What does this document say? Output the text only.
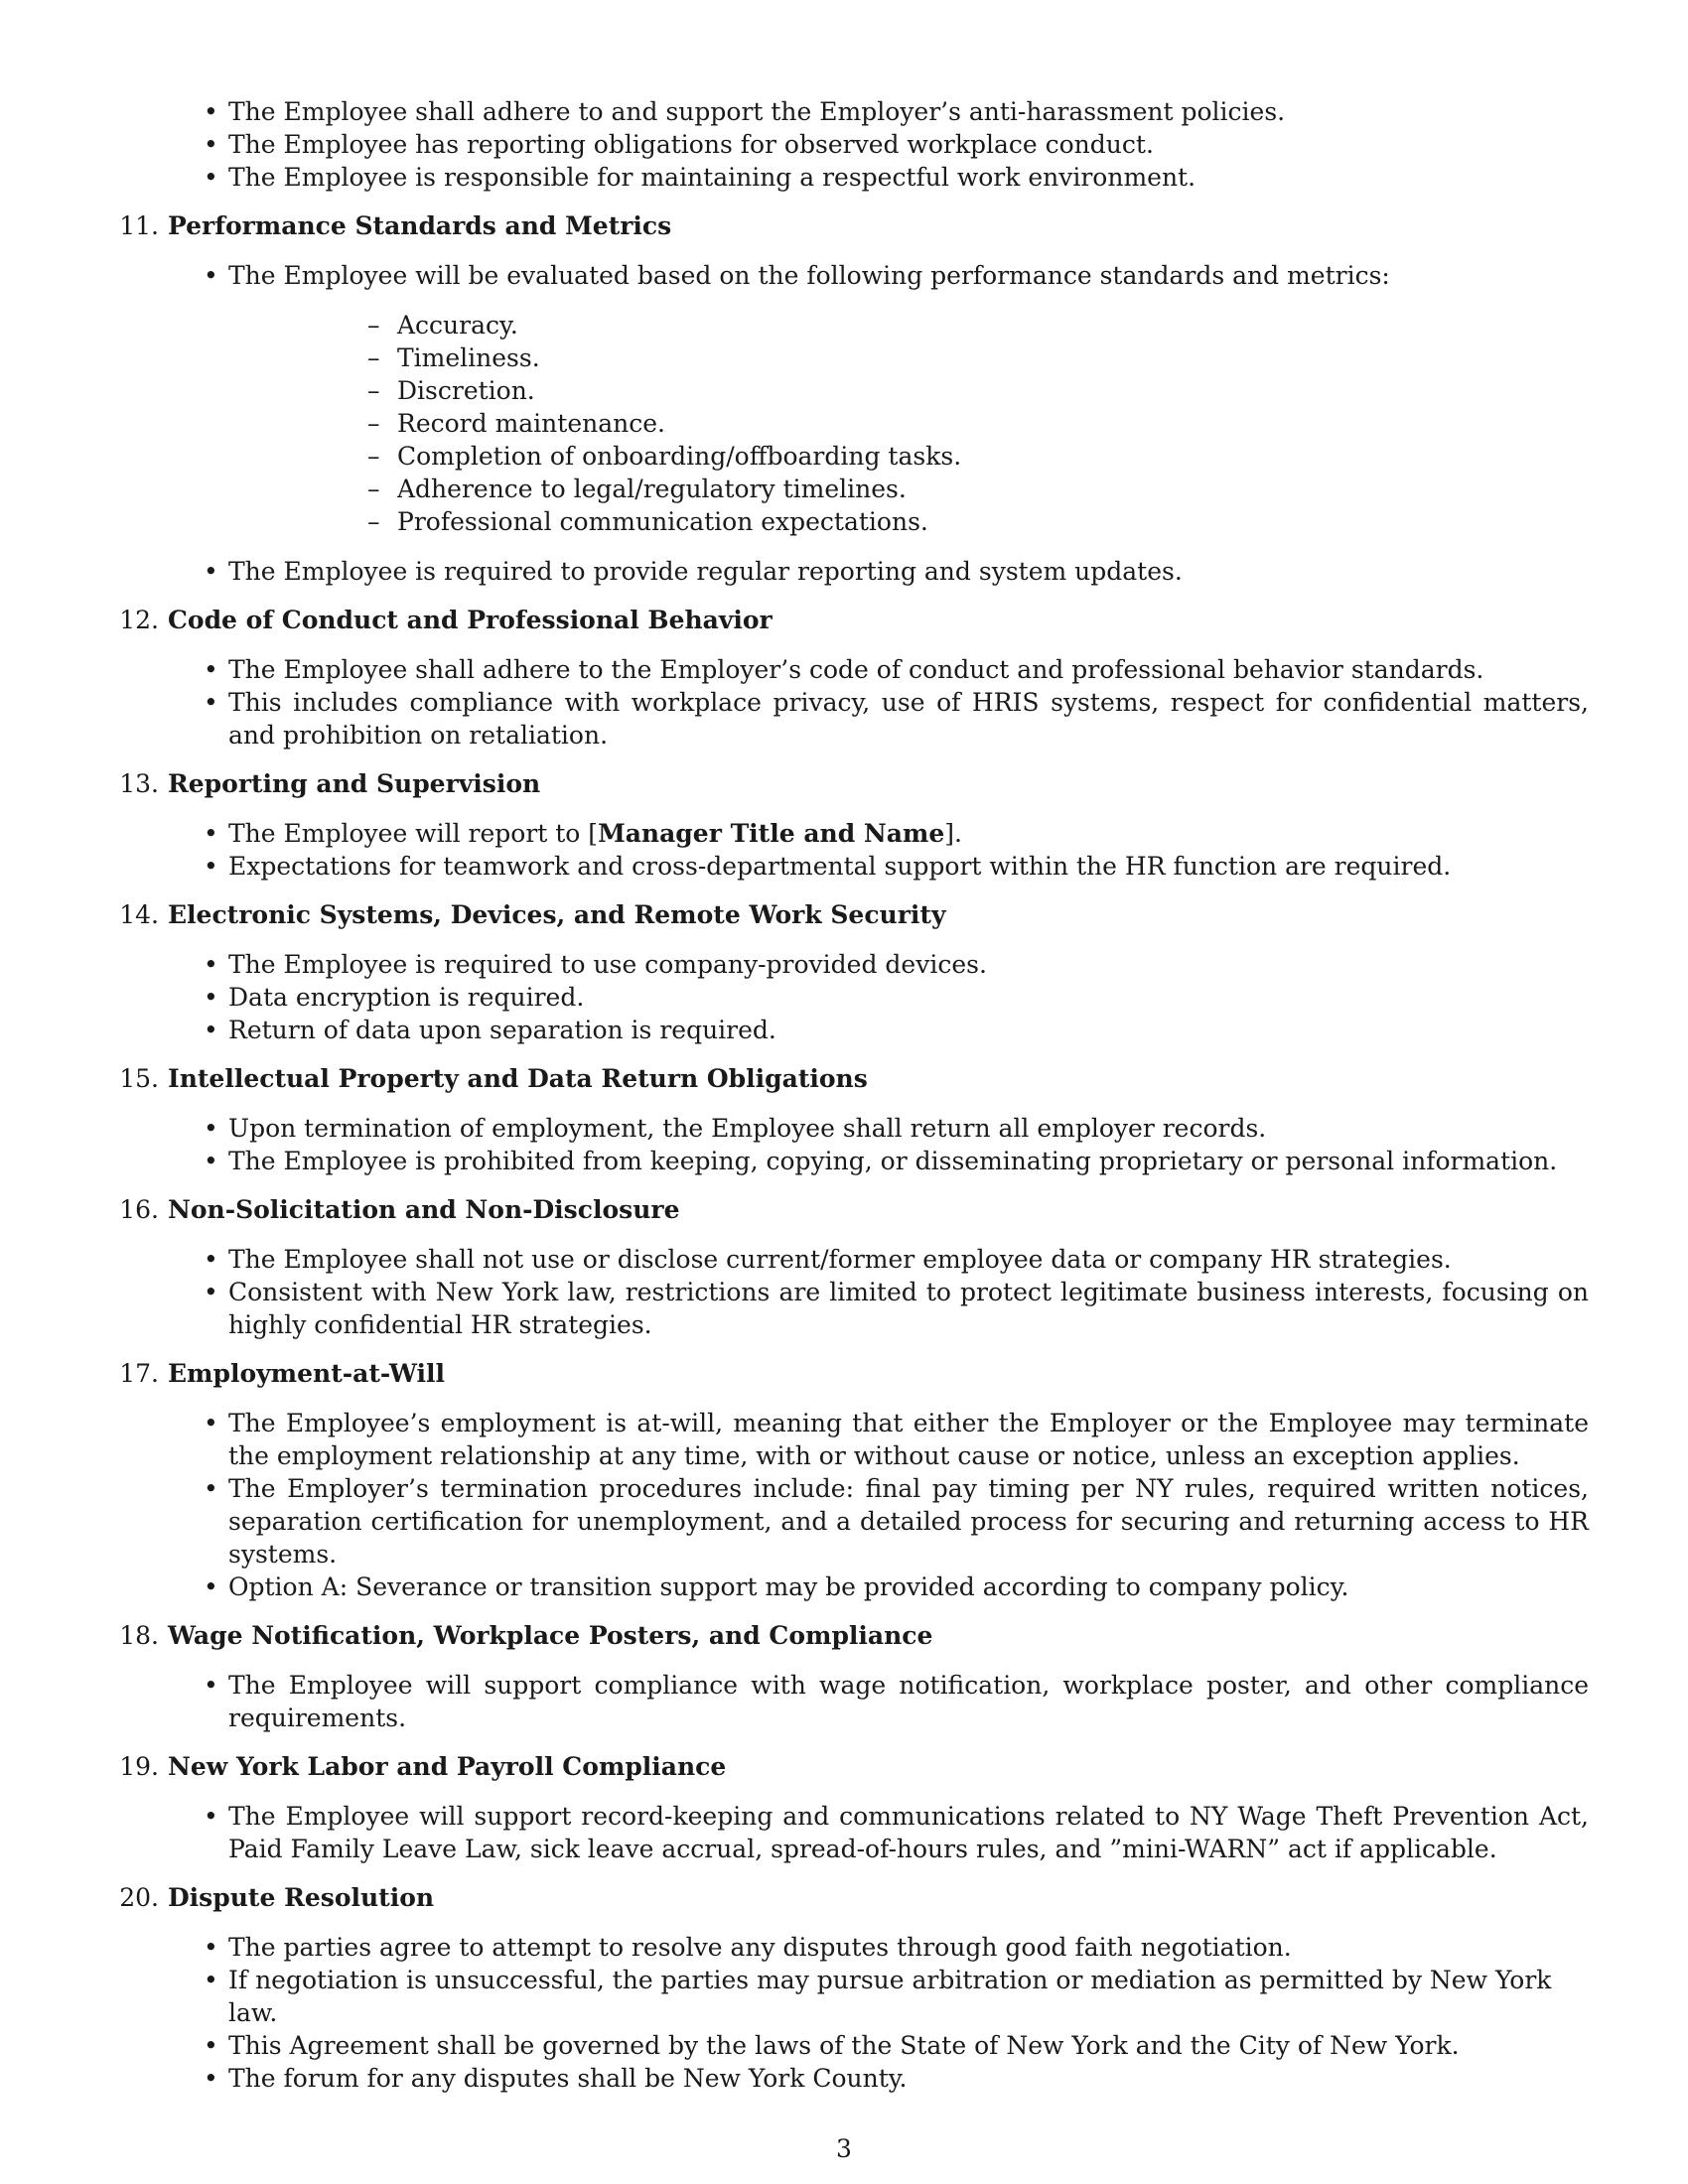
• The Employee shall adhere to and support the Employer’s anti-harassment policies.
• The Employee has reporting obligations for observed workplace conduct.
• The Employee is responsible for maintaining a respectful work environment.
11. Performance Standards and Metrics
• The Employee will be evaluated based on the following performance standards and metrics:
– Accuracy.
– Timeliness.
– Discretion.
– Record maintenance.
– Completion of onboarding/offboarding tasks.
– Adherence to legal/regulatory timelines.
– Professional communication expectations.
• The Employee is required to provide regular reporting and system updates.
12. Code of Conduct and Professional Behavior
• The Employee shall adhere to the Employer’s code of conduct and professional behavior standards.
• This includes compliance with workplace privacy, use of HRIS systems, respect for confidential matters, and prohibition on retaliation.
13. Reporting and Supervision
• The Employee will report to [Manager Title and Name].
• Expectations for teamwork and cross-departmental support within the HR function are required.
14. Electronic Systems, Devices, and Remote Work Security
• The Employee is required to use company-provided devices.
• Data encryption is required.
• Return of data upon separation is required.
15. Intellectual Property and Data Return Obligations
• Upon termination of employment, the Employee shall return all employer records.
• The Employee is prohibited from keeping, copying, or disseminating proprietary or personal information.
16. Non-Solicitation and Non-Disclosure
• The Employee shall not use or disclose current/former employee data or company HR strategies.
• Consistent with New York law, restrictions are limited to protect legitimate business interests, focusing on highly confidential HR strategies.
17. Employment-at-Will
• The Employee’s employment is at-will, meaning that either the Employer or the Employee may terminate the employment relationship at any time, with or without cause or notice, unless an exception applies.
• The Employer’s termination procedures include: final pay timing per NY rules, required written notices, separation certification for unemployment, and a detailed process for securing and returning access to HR systems.
• Option A: Severance or transition support may be provided according to company policy.
18. Wage Notification, Workplace Posters, and Compliance
• The Employee will support compliance with wage notification, workplace poster, and other compliance requirements.
19. New York Labor and Payroll Compliance
• The Employee will support record-keeping and communications related to NY Wage Theft Prevention Act, Paid Family Leave Law, sick leave accrual, spread-of-hours rules, and ”mini-WARN” act if applicable.
20. Dispute Resolution
• The parties agree to attempt to resolve any disputes through good faith negotiation.
• If negotiation is unsuccessful, the parties may pursue arbitration or mediation as permitted by New York law.
• This Agreement shall be governed by the laws of the State of New York and the City of New York.
• The forum for any disputes shall be New York County.
3
